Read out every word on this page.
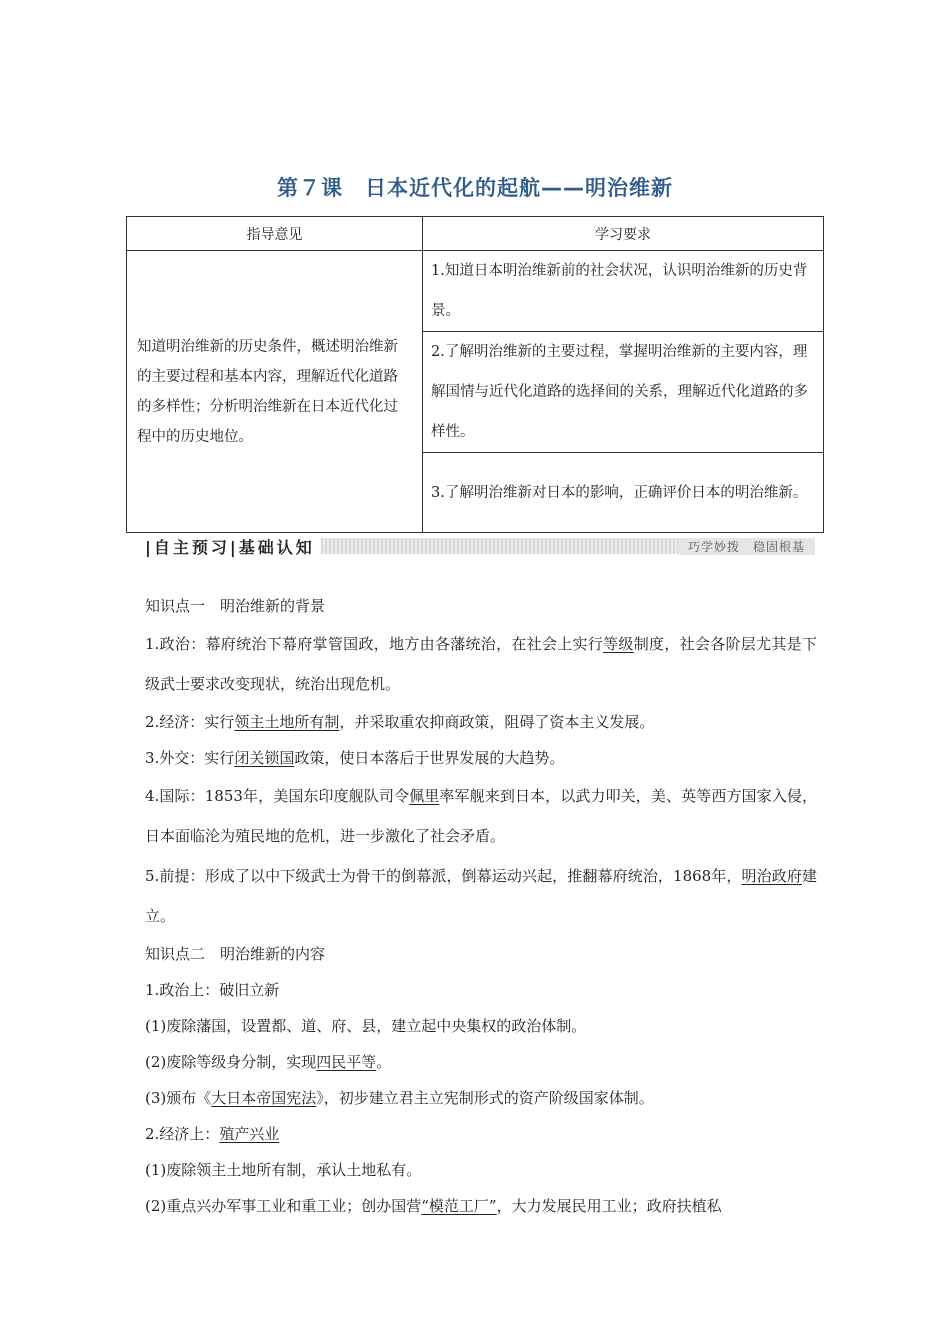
第７课　日本近代化的起航——明治维新
指导意见	学习要求
知道明治维新的历史条件，概述明治维新的主要过程和基本内容，理解近代化道路的多样性；分析明治维新在日本近代化过程中的历史地位。	1.知道日本明治维新前的社会状况，认识明治维新的历史背景。
	2.了解明治维新的主要过程，掌握明治维新的主要内容，理解国情与近代化道路的选择间的关系，理解近代化道路的多样性。
	3.了解明治维新对日本的影响，正确评价日本的明治维新。
|自主预习|基础认知	巧学妙拨　稳固根基

知识点一　明治维新的背景

1.政治：幕府统治下幕府掌管国政，地方由各藩统治，在社会上实行等级制度，社会各阶层尤其是下级武士要求改变现状，统治出现危机。

2.经济：实行领主土地所有制，并采取重农抑商政策，阻碍了资本主义发展。

3.外交：实行闭关锁国政策，使日本落后于世界发展的大趋势。

4.国际：1853年，美国东印度舰队司令佩里率军舰来到日本，以武力叩关，美、英等西方国家入侵，日本面临沦为殖民地的危机，进一步激化了社会矛盾。

5.前提：形成了以中下级武士为骨干的倒幕派，倒幕运动兴起，推翻幕府统治，1868年，明治政府建立。

知识点二　明治维新的内容

1.政治上：破旧立新

(1)废除藩国，设置都、道、府、县，建立起中央集权的政治体制。

(2)废除等级身分制，实现四民平等。

(3)颁布《大日本帝国宪法》，初步建立君主立宪制形式的资产阶级国家体制。

2.经济上：殖产兴业

(1)废除领主土地所有制，承认土地私有。

(2)重点兴办军事工业和重工业；创办国营“模范工厂”，大力发展民用工业；政府扶植私
